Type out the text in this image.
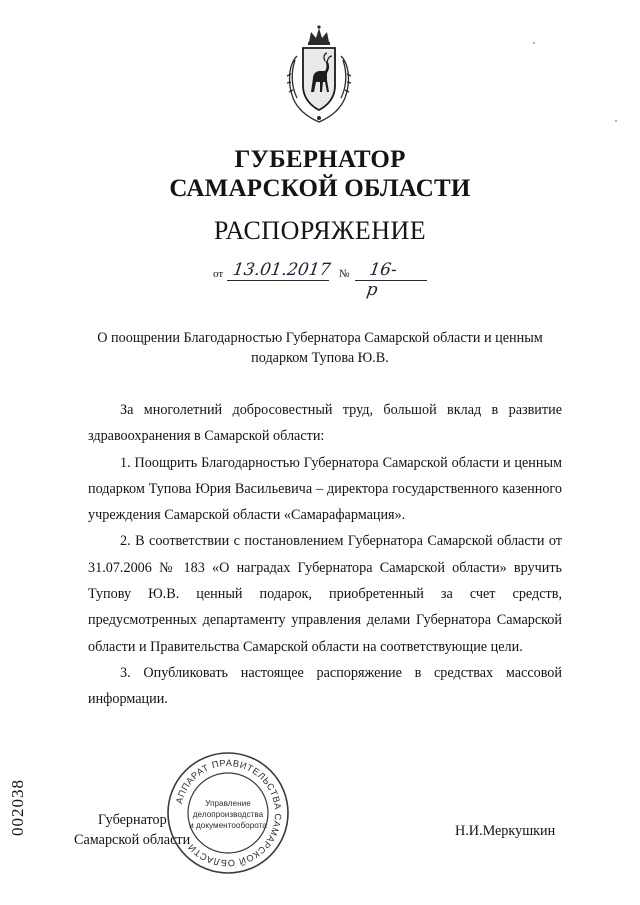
ГУБЕРНАТОР
САМАРСКОЙ ОБЛАСТИ
РАСПОРЯЖЕНИЕ
от 13.01.2017 № 16-р
О поощрении Благодарностью Губернатора Самарской области и ценным
подарком Тупова Ю.В.

За многолетний добросовестный труд, большой вклад в развитие здравоохранения в Самарской области:

1. Поощрить Благодарностью Губернатора Самарской области и ценным подарком Тупова Юрия Васильевича – директора государственного казенного учреждения Самарской области «Самарафармация».

2. В соответствии с постановлением Губернатора Самарской области от 31.07.2006 № 183 «О наградах Губернатора Самарской области» вручить Тупову Ю.В. ценный подарок, приобретенный за счет средств, предусмотренных департаменту управления делами Губернатора Самарской области и Правительства Самарской области на соответствующие цели.

3. Опубликовать настоящее распоряжение в средствах массовой информации.

Губернатор
Самарской области
Н.И.Меркушкин
АППАРАТ ПРАВИТЕЛЬСТВА САМАРСКОЙ ОБЛАСТИ
Управление
делопроизводства
и документооборота
002038
